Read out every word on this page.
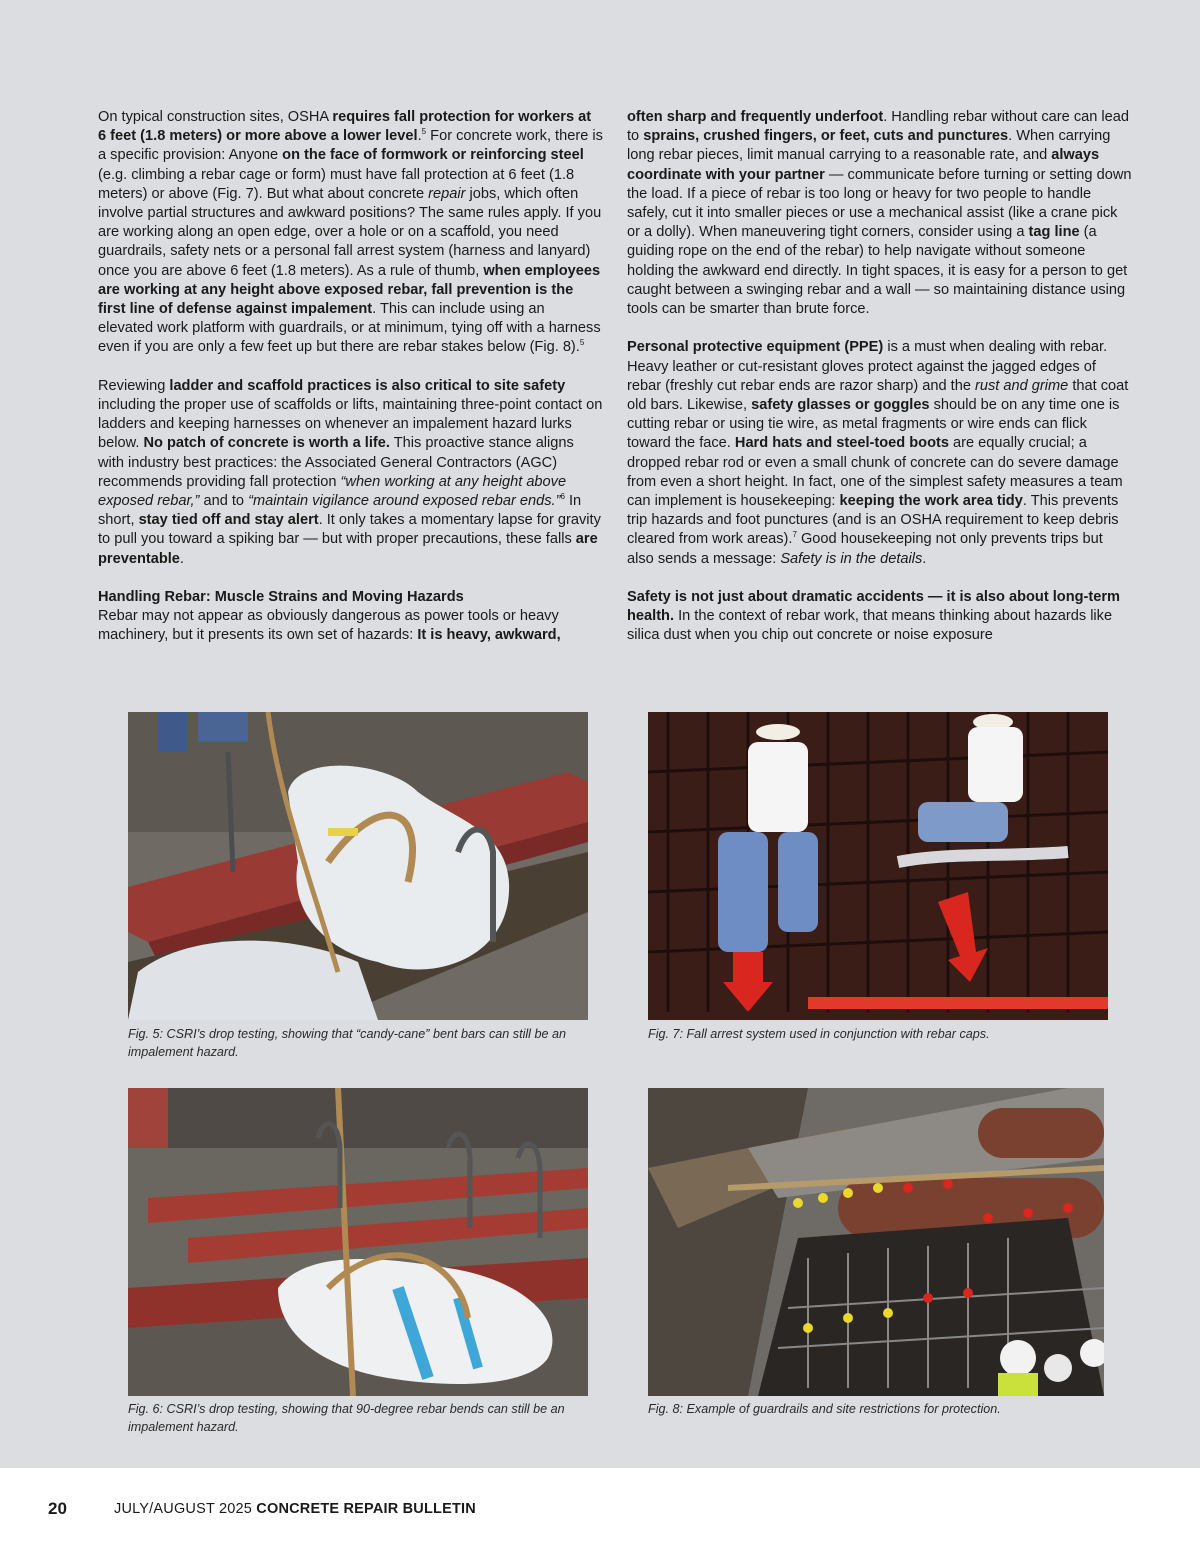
On typical construction sites, OSHA requires fall protection for workers at 6 feet (1.8 meters) or more above a lower level.$^5$ For concrete work, there is a specific provision: Anyone on the face of formwork or reinforcing steel (e.g. climbing a rebar cage or form) must have fall protection at 6 feet (1.8 meters) or above (Fig. 7). But what about concrete repair jobs, which often involve partial structures and awkward positions? The same rules apply. If you are working along an open edge, over a hole or on a scaffold, you need guardrails, safety nets or a personal fall arrest system (harness and lanyard) once you are above 6 feet (1.8 meters). As a rule of thumb, when employees are working at any height above exposed rebar, fall prevention is the first line of defense against impalement. This can include using an elevated work platform with guardrails, or at minimum, tying off with a harness even if you are only a few feet up but there are rebar stakes below (Fig. 8).$^5$

Reviewing ladder and scaffold practices is also critical to site safety including the proper use of scaffolds or lifts, maintaining three-point contact on ladders and keeping harnesses on whenever an impalement hazard lurks below. No patch of concrete is worth a life. This proactive stance aligns with industry best practices: the Associated General Contractors (AGC) recommends providing fall protection “when working at any height above exposed rebar,” and to “maintain vigilance around exposed rebar ends.”$^6$ In short, stay tied off and stay alert. It only takes a momentary lapse for gravity to pull you toward a spiking bar — but with proper precautions, these falls are preventable.

Handling Rebar: Muscle Strains and Moving Hazards

Rebar may not appear as obviously dangerous as power tools or heavy machinery, but it presents its own set of hazards: It is heavy, awkward,

often sharp and frequently underfoot. Handling rebar without care can lead to sprains, crushed fingers, or feet, cuts and punctures. When carrying long rebar pieces, limit manual carrying to a reasonable rate, and always coordinate with your partner — communicate before turning or setting down the load. If a piece of rebar is too long or heavy for two people to handle safely, cut it into smaller pieces or use a mechanical assist (like a crane pick or a dolly). When maneuvering tight corners, consider using a tag line (a guiding rope on the end of the rebar) to help navigate without someone holding the awkward end directly. In tight spaces, it is easy for a person to get caught between a swinging rebar and a wall — so maintaining distance using tools can be smarter than brute force.

Personal protective equipment (PPE) is a must when dealing with rebar. Heavy leather or cut-resistant gloves protect against the jagged edges of rebar (freshly cut rebar ends are razor sharp) and the rust and grime that coat old bars. Likewise, safety glasses or goggles should be on any time one is cutting rebar or using tie wire, as metal fragments or wire ends can flick toward the face. Hard hats and steel-toed boots are equally crucial; a dropped rebar rod or even a small chunk of concrete can do severe damage from even a short height. In fact, one of the simplest safety measures a team can implement is housekeeping: keeping the work area tidy. This prevents trip hazards and foot punctures (and is an OSHA requirement to keep debris cleared from work areas).$^7$ Good housekeeping not only prevents trips but also sends a message: Safety is in the details.

Safety is not just about dramatic accidents — it is also about long-term health. In the context of rebar work, that means thinking about hazards like silica dust when you chip out concrete or noise exposure

Fig. 5: CSRI’s drop testing, showing that “candy-cane” bent bars can still be an impalement hazard.
Fig. 7: Fall arrest system used in conjunction with rebar caps.
Fig. 6: CSRI’s drop testing, showing that 90-degree rebar bends can still be an impalement hazard.
Fig. 8: Example of guardrails and site restrictions for protection.
20	JULY/AUGUST 2025 CONCRETE REPAIR BULLETIN
